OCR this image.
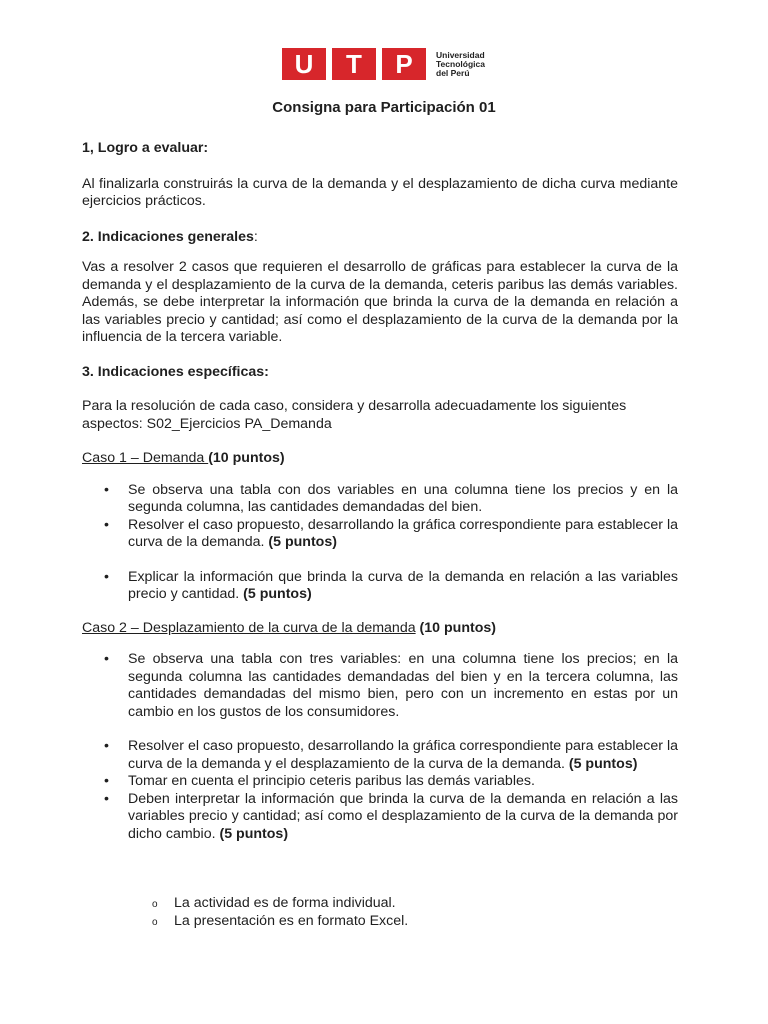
U	T	P	Universidad
Tecnológica
del Perú
Consigna para Participación 01
1, Logro a evaluar:

Al finalizarla construirás la curva de la demanda y el desplazamiento de dicha curva mediante ejercicios prácticos.

2. Indicaciones generales:

Vas a resolver 2 casos que requieren el desarrollo de gráficas para establecer la curva de la demanda y el desplazamiento de la curva de la demanda, ceteris paribus las demás variables. Además, se debe interpretar la información que brinda la curva de la demanda en relación a las variables precio y cantidad; así como el desplazamiento de la curva de la demanda por la influencia de la tercera variable.

3. Indicaciones específicas:

Para la resolución de cada caso, considera y desarrolla adecuadamente los siguientes aspectos: S02_Ejercicios PA_Demanda

Caso 1 – Demanda (10 puntos)
• Se observa una tabla con dos variables en una columna tiene los precios y en la segunda columna, las cantidades demandadas del bien.
• Resolver el caso propuesto, desarrollando la gráfica correspondiente para establecer la curva de la demanda. (5 puntos)
• Explicar la información que brinda la curva de la demanda en relación a las variables precio y cantidad. (5 puntos)
Caso 2 – Desplazamiento de la curva de la demanda (10 puntos)
• Se observa una tabla con tres variables: en una columna tiene los precios; en la segunda columna las cantidades demandadas del bien y en la tercera columna, las cantidades demandadas del mismo bien, pero con un incremento en estas por un cambio en los gustos de los consumidores.
• Resolver el caso propuesto, desarrollando la gráfica correspondiente para establecer la curva de la demanda y el desplazamiento de la curva de la demanda. (5 puntos)
• Tomar en cuenta el principio ceteris paribus las demás variables.
• Deben interpretar la información que brinda la curva de la demanda en relación a las variables precio y cantidad; así como el desplazamiento de la curva de la demanda por dicho cambio. (5 puntos)
o La actividad es de forma individual.
o La presentación es en formato Excel.
